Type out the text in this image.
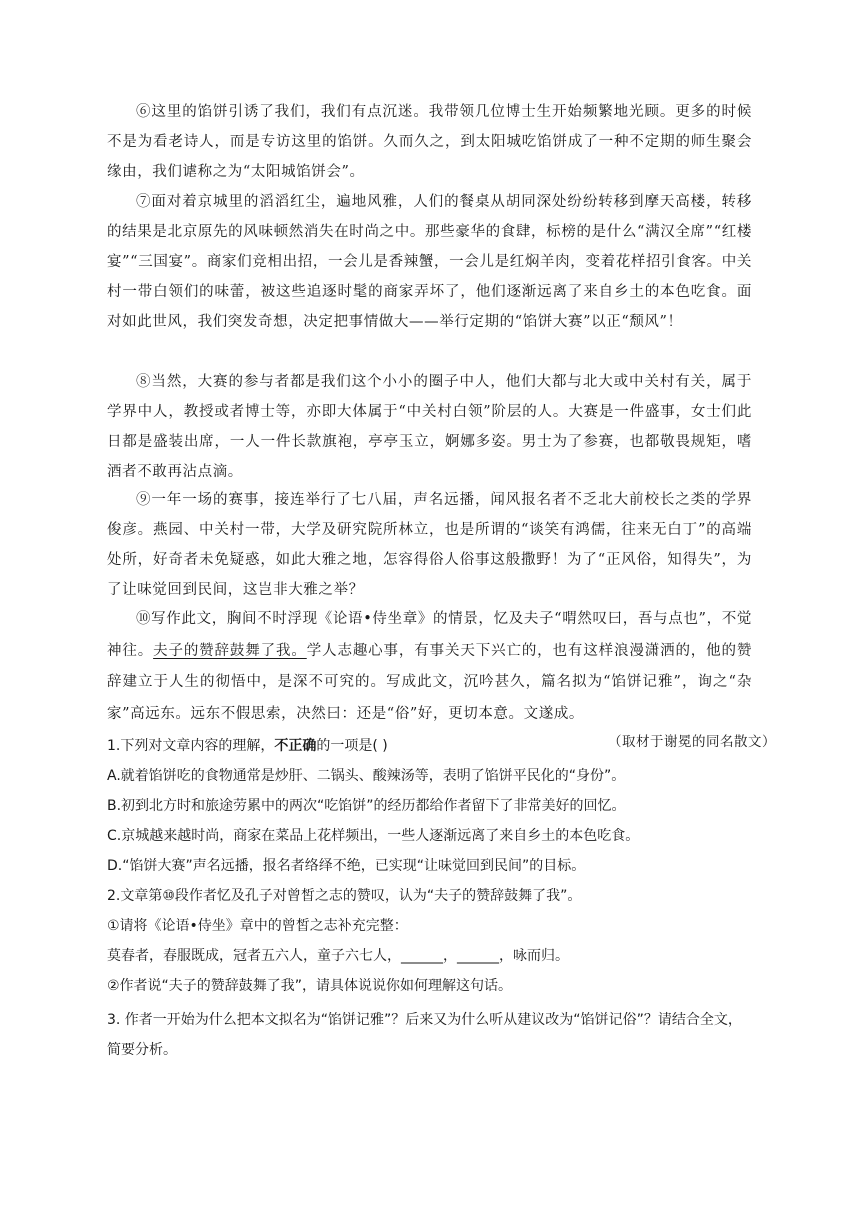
⑥这里的馅饼引诱了我们，我们有点沉迷。我带领几位博士生开始频繁地光顾。更多的时候不是为看老诗人，而是专访这里的馅饼。久而久之，到太阳城吃馅饼成了一种不定期的师生聚会缘由，我们谑称之为“太阳城馅饼会”。

⑦面对着京城里的滔滔红尘，遍地风雅，人们的餐桌从胡同深处纷纷转移到摩天高楼，转移的结果是北京原先的风味顿然消失在时尚之中。那些豪华的食肆，标榜的是什么“满汉全席”“红楼宴”“三国宴”。商家们竞相出招，一会儿是香辣蟹，一会儿是红焖羊肉，变着花样招引食客。中关村一带白领们的味蕾，被这些追逐时髦的商家弄坏了，他们逐渐远离了来自乡土的本色吃食。面对如此世风，我们突发奇想，决定把事情做大——举行定期的“馅饼大赛”以正“颓风”！

⑧当然，大赛的参与者都是我们这个小小的圈子中人，他们大都与北大或中关村有关，属于学界中人，教授或者博士等，亦即大体属于“中关村白领”阶层的人。大赛是一件盛事，女士们此日都是盛装出席，一人一件长款旗袍，亭亭玉立，婀娜多姿。男士为了参赛，也都敬畏规矩，嗜酒者不敢再沾点滴。

⑨一年一场的赛事，接连举行了七八届，声名远播，闻风报名者不乏北大前校长之类的学界俊彦。燕园、中关村一带，大学及研究院所林立，也是所谓的“谈笑有鸿儒，往来无白丁”的高端处所，好奇者未免疑惑，如此大雅之地，怎容得俗人俗事这般撒野！为了“正风俗，知得失”，为了让味觉回到民间，这岂非大雅之举？

⑩写作此文，胸间不时浮现《论语•侍坐章》的情景，忆及夫子“喟然叹曰，吾与点也”，不觉神往。夫子的赞辞鼓舞了我。学人志趣心事，有事关天下兴亡的，也有这样浪漫潇洒的，他的赞辞建立于人生的彻悟中，是深不可究的。写成此文，沉吟甚久，篇名拟为“馅饼记雅”，询之“杂家”高远东。远东不假思索，决然曰：还是“俗”好，更切本意。文遂成。

（取材于谢冕的同名散文）

1.下列对文章内容的理解，不正确的一项是( )

A.就着馅饼吃的食物通常是炒肝、二锅头、酸辣汤等，表明了馅饼平民化的“身份”。

B.初到北方时和旅途劳累中的两次“吃馅饼”的经历都给作者留下了非常美好的回忆。

C.京城越来越时尚，商家在菜品上花样频出，一些人逐渐远离了来自乡土的本色吃食。

D.“馅饼大赛”声名远播，报名者络绎不绝，已实现“让味觉回到民间”的目标。

2.文章第⑩段作者忆及孔子对曾皙之志的赞叹，认为“夫子的赞辞鼓舞了我”。

①请将《论语•侍坐》章中的曾皙之志补充完整：

莫春者，春服既成，冠者五六人，童子六七人，______，______，咏而归。

②作者说“夫子的赞辞鼓舞了我”，请具体说说你如何理解这句话。

3. 作者一开始为什么把本文拟名为“馅饼记雅”？后来又为什么听从建议改为“馅饼记俗”？请结合全文，简要分析。
